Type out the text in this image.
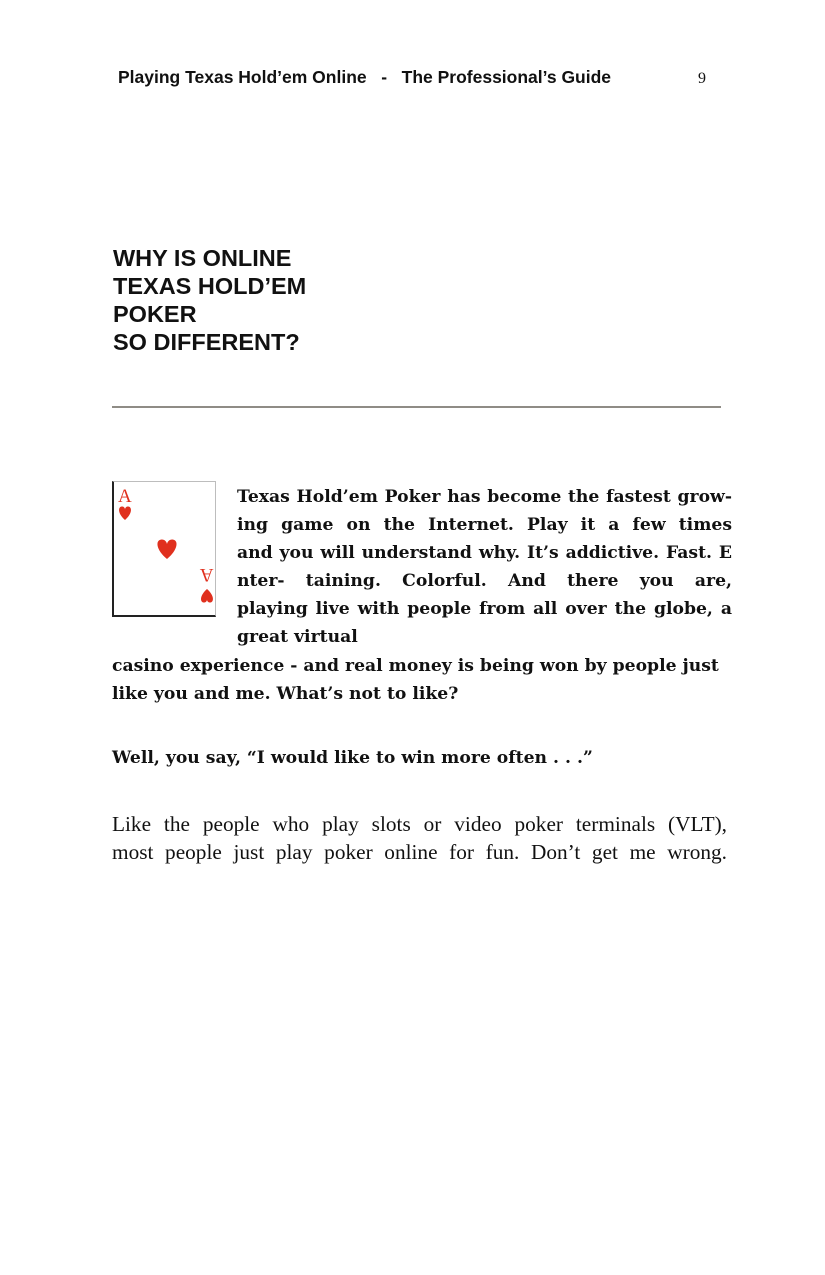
Playing Texas Hold’em Online   -   The Professional’s Guide	9
WHY IS ONLINE
TEXAS HOLD’EM
POKER
SO DIFFERENT?
A
A
Texas Hold’em Poker has become the fastest grow-
ing game on the Internet. Play it a few times
and you will understand why. It’s addictive. Fast. E
nter- taining. Colorful. And there you are,
playing live with people from all over the globe, a
great virtual
casino experience - and real money is being won by people just
like you and me. What’s not to like?
Well, you say, “I would like to win more often . . .”
Like the people who play slots or video poker terminals (VLT),
most people just play poker online for fun. Don’t get me wrong.
